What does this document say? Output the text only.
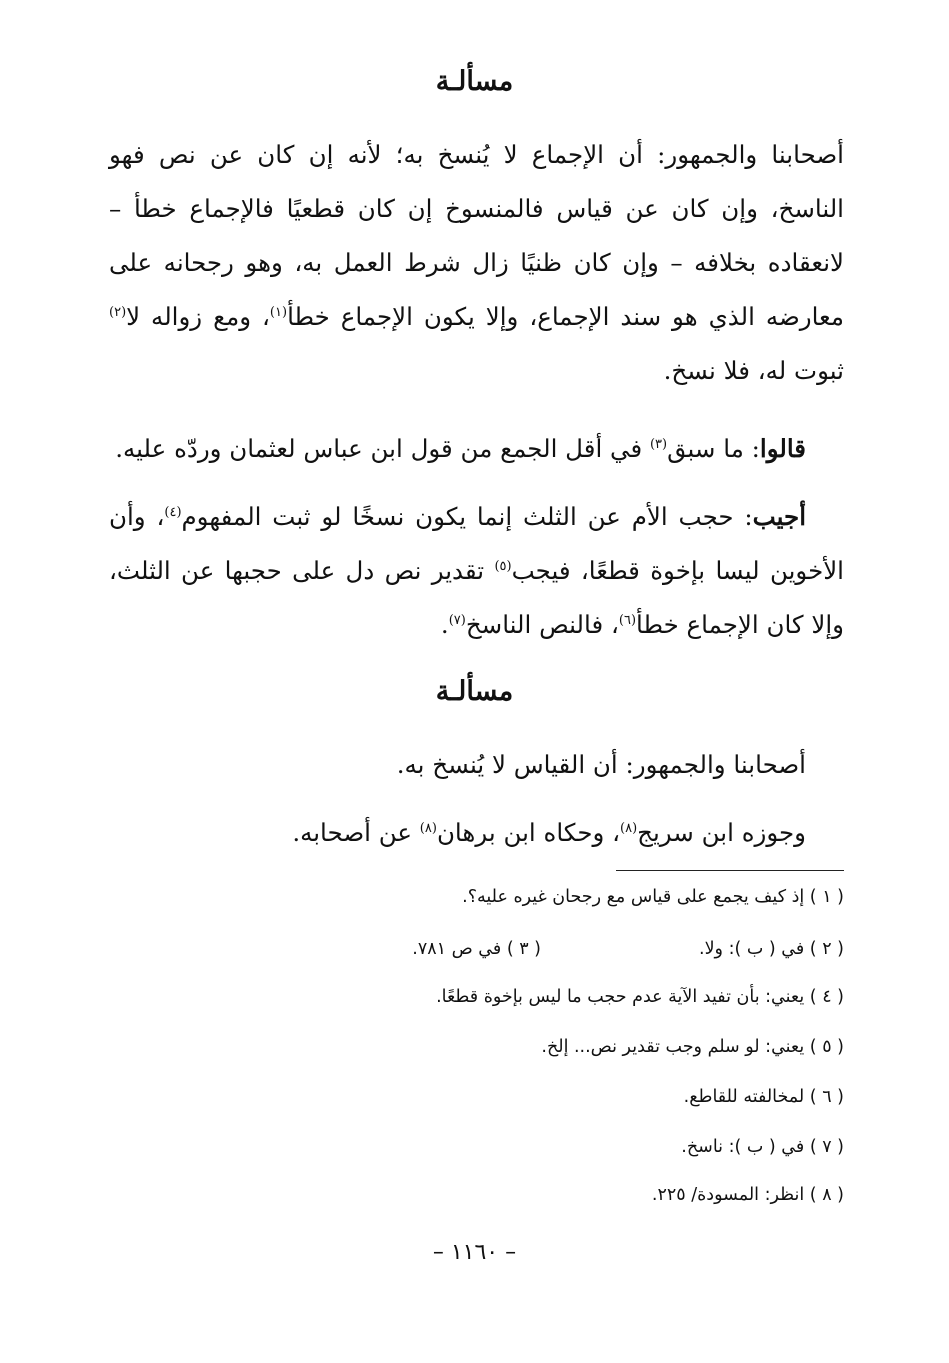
مسألـة
أصحابنا والجمهور: أن الإجماع لا يُنسخ به؛ لأنه إن كان عن نص فهو الناسخ، وإن كان عن قياس فالمنسوخ إن كان قطعيًا فالإجماع خطأ – لانعقاده بخلافه – وإن كان ظنيًا زال شرط العمل به، وهو رجحانه على معارضه الذي هو سند الإجماع، وإلا يكون الإجماع خطأ$^{(١)}$، ومع زواله لا$^{(٢)}$ ثبوت له، فلا نسخ.
قالوا: ما سبق$^{(٣)}$ في أقل الجمع من قول ابن عباس لعثمان وردّه عليه.
أجيب: حجب الأم عن الثلث إنما يكون نسخًا لو ثبت المفهوم$^{(٤)}$، وأن الأخوين ليسا بإخوة قطعًا، فيجب$^{(٥)}$ تقدير نص دل على حجبها عن الثلث، وإلا كان الإجماع خطأ$^{(٦)}$، فالنص الناسخ$^{(٧)}$.
مسألـة
أصحابنا والجمهور: أن القياس لا يُنسخ به.
وجوزه ابن سريج$^{(٨)}$، وحكاه ابن برهان$^{(٨)}$ عن أصحابه.
( ١ ) إذ كيف يجمع على قياس مع رجحان غيره عليه؟.
( ٢ ) في ( ب ): ولا.
( ٣ ) في ص ٧٨١.
( ٤ ) يعني: بأن تفيد الآية عدم حجب ما ليس بإخوة قطعًا.
( ٥ ) يعني: لو سلم وجب تقدير نص... إلخ.
( ٦ ) لمخالفته للقاطع.
( ٧ ) في ( ب ): ناسخ.
( ٨ ) انظر: المسودة/ ٢٢٥.
– ١١٦٠ –
